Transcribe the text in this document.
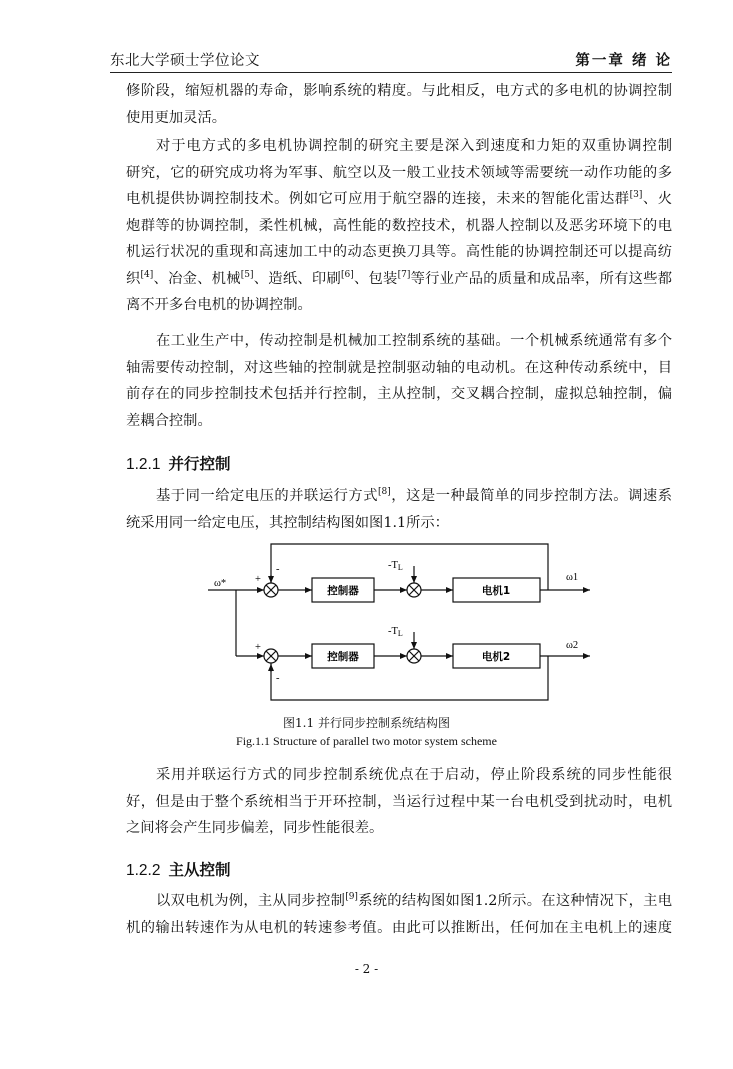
东北大学硕士学位论文	第一章 绪 论
修阶段，缩短机器的寿命，影响系统的精度。与此相反，电方式的多电机的协调控制
使用更加灵活。
对于电方式的多电机协调控制的研究主要是深入到速度和力矩的双重协调控制
研究，它的研究成功将为军事、航空以及一般工业技术领域等需要统一动作功能的多
电机提供协调控制技术。例如它可应用于航空器的连接，未来的智能化雷达群[3]、火
炮群等的协调控制，柔性机械，高性能的数控技术，机器人控制以及恶劣环境下的电
机运行状况的重现和高速加工中的动态更换刀具等。高性能的协调控制还可以提高纺
织[4]、冶金、机械[5]、造纸、印刷[6]、包装[7]等行业产品的质量和成品率，所有这些都
离不开多台电机的协调控制。
在工业生产中，传动控制是机械加工控制系统的基础。一个机械系统通常有多个
轴需要传动控制，对这些轴的控制就是控制驱动轴的电动机。在这种传动系统中，目
前存在的同步控制技术包括并行控制，主从控制，交叉耦合控制，虚拟总轴控制，偏
差耦合控制。
1.2.1 并行控制
基于同一给定电压的并联运行方式[8]，这是一种最简单的同步控制方法。调速系
统采用同一给定电压，其控制结构图如图1.1所示：
ω*	+
-
+
-
-TL
-TL
控制器
控制器
电机1
电机2
ω1
ω2
图1.1 并行同步控制系统结构图
Fig.1.1 Structure of parallel two motor system scheme
采用并联运行方式的同步控制系统优点在于启动，停止阶段系统的同步性能很
好，但是由于整个系统相当于开环控制，当运行过程中某一台电机受到扰动时，电机
之间将会产生同步偏差，同步性能很差。
1.2.2 主从控制
以双电机为例，主从同步控制[9]系统的结构图如图1.2所示。在这种情况下，主电
机的输出转速作为从电机的转速参考值。由此可以推断出，任何加在主电机上的速度
- 2 -
